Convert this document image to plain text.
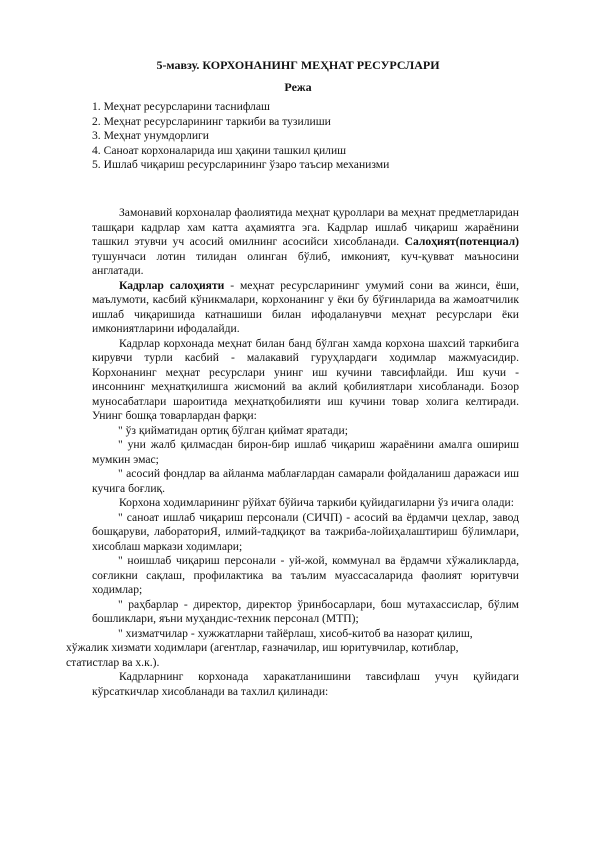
5-мавзу. КОРХОНАНИНГ МЕҲНАТ РЕСУРСЛАРИ
Режа
1. Меҳнат ресурсларини таснифлаш
2. Меҳнат ресурсларининг таркиби ва тузилиши
3. Меҳнат унумдорлиги
4. Саноат корхоналарида иш ҳақини ташкил қилиш
5. Ишлаб чиқариш ресурсларининг ўзаро таъсир механизми

Замонавий корхоналар фаолиятида меҳнат қуроллари ва меҳнат предметларидан ташқари кадрлар хам катта аҳамиятга эга. Кадрлар ишлаб чиқариш жараёнини ташкил этувчи уч асосий омилнинг асосийси хисобланади. Салоҳият(потенциал) тушунчаси лотин тилидан олинган бўлиб, имконият, куч-қувват маъносини англатади.

Кадрлар салоҳияти - меҳнат ресурсларининг умумий сони ва жинси, ёши, маълумоти, касбий кўникмалари, корхонанинг у ёки бу бўғинларида ва жамоатчилик ишлаб чиқаришида катнашиши билан ифодаланувчи меҳнат ресурслари ёки имкониятларини ифодалайди.

Кадрлар корхонада меҳнат билан банд бўлган хамда корхона шахсий таркибига кирувчи турли касбий - малакавий гуруҳлардаги ходимлар мажмуасидир. Корхонанинг меҳнат ресурслари унинг иш кучини тавсифлайди. Иш кучи - инсоннинг меҳнатқилишга жисмоний ва аклий қобилиятлари хисобланади. Бозор муносабатлари шароитида меҳнатқобилияти иш кучини товар холига келтиради. Унинг бошқа товарлардан фарқи:

" ўз қийматидан ортиқ бўлган қиймат яратади;

" уни жалб қилмасдан бирон-бир ишлаб чиқариш жараёнини амалга ошириш мумкин эмас;

" асосий фондлар ва айланма маблағлардан самарали фойдаланиш даражаси иш кучига боғлиқ.

Корхона ходимларининг рўйхат бўйича таркиби қуйидагиларни ўз ичига олади:

" саноат ишлаб чиқариш персонали (СИЧП) - асосий ва ёрдамчи цехлар, завод бошқаруви, лабораториЯ, илмий-тадқиқот ва тажриба-лойиҳалаштириш бўлимлари, хисоблаш маркази ходимлари;

" ноишлаб чиқариш персонали - уй-жой, коммунал ва ёрдамчи хўжаликларда, соғликни сақлаш, профилактика ва таълим муассасаларида фаолият юритувчи ходимлар;

" раҳбарлар - директор, директор ўринбосарлари, бош мутахассислар, бўлим бошликлари, яъни муҳандис-техник персонал (МТП);

" хизматчилар - хужжатларни тайёрлаш, хисоб-китоб ва назорат қилиш,
хўжалик хизмати ходимлари (агентлар, ғазначилар, иш юритувчилар, котиблар,
статистлар ва х.к.).

Кадрларнинг корхонада харакатланишини тавсифлаш учун қуйидаги кўрсаткичлар хисобланади ва тахлил қилинади:
